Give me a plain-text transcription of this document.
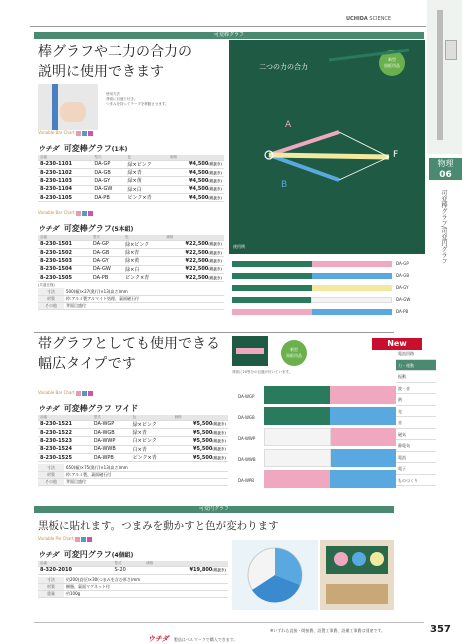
UCHIDA SCIENCE
物理
06
可変棒グラフ/可変円グラフ
電流回路
力・運動
振動
波・音
熱
光
音
磁気
静電気
電流
電子
ものづくり
可変棒グラフ
棒グラフや二力の合力の
説明に使用できます
使用方法
背面に目盛り付き。
つまみを持ってテープを移動させます。
二つの力の合力
新型
黒板用品
A
B
F
使用例
DA-GP
DA-GB
DA-GY
DA-GW
DA-PB
Variable Bar Chart
ウチダ 可変棒グラフ(1本)
品番	型式	色	価格
8-230-1101	DA-GP	緑×ピンク	¥4,500(税抜き)
8-230-1102	DA-GB	緑×青	¥4,500(税抜き)
8-230-1103	DA-GY	緑×黄	¥4,500(税抜き)
8-230-1104	DA-GW	緑×白	¥4,500(税抜き)
8-230-1105	DA-PB	ピンク×青	¥4,500(税抜き)
Variable Bar Chart
ウチダ 可変棒グラフ(5本組)
品番	型式	色	価格
8-230-1501	DA-GP	緑×ピンク	¥22,500(税抜き)
8-230-1502	DA-GB	緑×青	¥22,500(税抜き)
8-230-1503	DA-GY	緑×黄	¥22,500(税抜き)
8-230-1504	DA-GW	緑×白	¥22,500(税抜き)
8-230-1505	DA-PB	ピンク×青	¥22,500(税抜き)
(共通仕様)
寸法	500(幅)×27(奥行)×13(高さ)mm
材質	枠:アルミ製アルマイト処理、裏面磁石付
その他	背面目盛付
帯グラフとしても使用できる
幅広タイプです
新型
黒板用品
New
背面に20等分の目盛が付いています。
DA-WGP
DA-WGB
DA-WWP
DA-WWB
DA-WPB
Variable Bar Chart
ウチダ 可変棒グラフ ワイド
品番	型式	色	価格
8-230-1521	DA-WGP	緑×ピンク	¥5,500(税抜き)
8-230-1522	DA-WGB	緑×青	¥5,500(税抜き)
8-230-1523	DA-WWP	白×ピンク	¥5,500(税抜き)
8-230-1524	DA-WWB	白×青	¥5,500(税抜き)
8-230-1525	DA-WPB	ピンク×青	¥5,500(税抜き)
寸法	650(幅)×75(奥行)×13(高さ)mm
材質	枠:アルミ製、裏面磁石付
その他	背面目盛付
可変円グラフ
黒板に貼れます。つまみを動かすと色が変わります
Variable Pie Chart
ウチダ 可変円グラフ(4個組)
品番	型式	価格
8-320-2010	S-20	¥19,800(税抜き)
寸法	約200(直径)×30(つまみを含む厚さ)mm
材質	樹脂、裏面マグネット付
重量	約100g
ウチダ 製品はベルマークで購入できます。
※いずれも直接・間接費、設置工事費、設備工事費は別途です。	357
